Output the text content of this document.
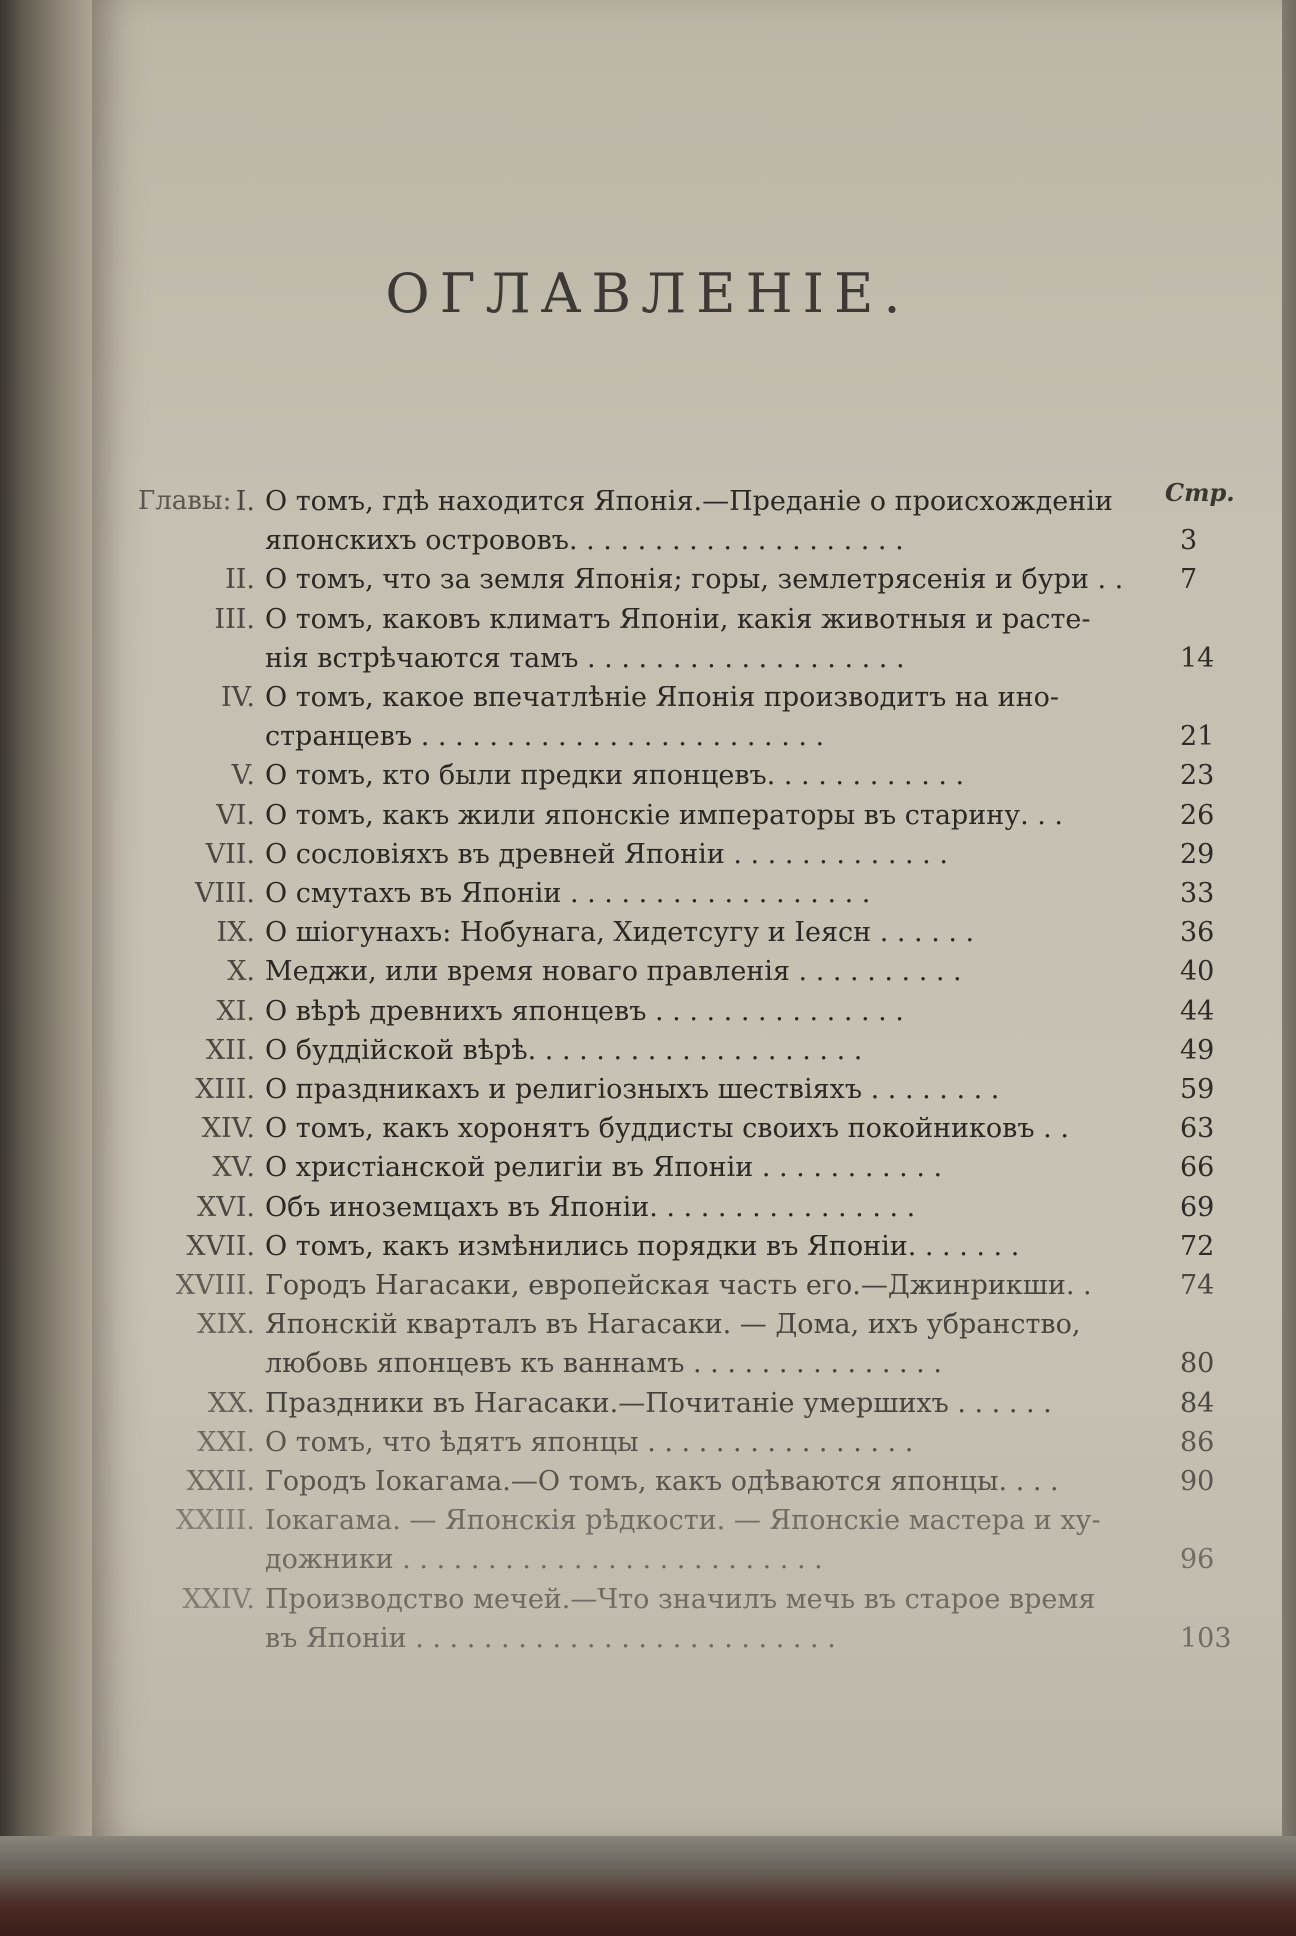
ОГЛАВЛЕНІЕ.
Главы:	Стр.
I. О томъ, гдѣ находится Японія.—Преданіе о происхожденіи
японскихъ острововъ. . . . . . . . . . . . . . . . . . . .	3
II. О томъ, что за земля Японія; горы, землетрясенія и бури . .	7
III. О томъ, каковъ климатъ Японіи, какія животныя и расте-
нія встрѣчаются тамъ . . . . . . . . . . . . . . . . . . .	14
IV. О томъ, какое впечатлѣніе Японія производитъ на ино-
странцевъ . . . . . . . . . . . . . . . . . . . . . . . .	21
V. О томъ, кто были предки японцевъ. . . . . . . . . . . .	23
VI. О томъ, какъ жили японскіе императоры въ старину. . .	26
VII. О сословіяхъ въ древней Японіи . . . . . . . . . . . . .	29
VIII. О смутахъ въ Японіи . . . . . . . . . . . . . . . . . .	33
IX. О шіогунахъ: Нобунага, Хидетсугу и Іеясн . . . . . .	36
X. Меджи, или время новаго правленія . . . . . . . . . .	40
XI. О вѣрѣ древнихъ японцевъ . . . . . . . . . . . . . . .	44
XII. О буддійской вѣрѣ. . . . . . . . . . . . . . . . . . . .	49
XIII. О праздникахъ и религіозныхъ шествіяхъ . . . . . . . .	59
XIV. О томъ, какъ хоронятъ буддисты своихъ покойниковъ . .	63
XV. О христіанской религіи въ Японіи . . . . . . . . . . .	66
XVI. Объ иноземцахъ въ Японіи. . . . . . . . . . . . . . . .	69
XVII. О томъ, какъ измѣнились порядки въ Японіи. . . . . . .	72
XVIII. Городъ Нагасаки, европейская часть его.—Джинрикши. .	74
XIX. Японскій кварталъ въ Нагасаки. — Дома, ихъ убранство,
любовь японцевъ къ ваннамъ . . . . . . . . . . . . . . .	80
XX. Праздники въ Нагасаки.—Почитаніе умершихъ . . . . . .	84
XXI. О томъ, что ѣдятъ японцы . . . . . . . . . . . . . . . .	86
XXII. Городъ Іокагама.—О томъ, какъ одѣваются японцы. . . .	90
XXIII. Іокагама. — Японскія рѣдкости. — Японскіе мастера и ху-
дожники . . . . . . . . . . . . . . . . . . . . . . . . .	96
XXIV. Производство мечей.—Что значилъ мечь въ старое время
въ Японіи . . . . . . . . . . . . . . . . . . . . . . . . .	103
